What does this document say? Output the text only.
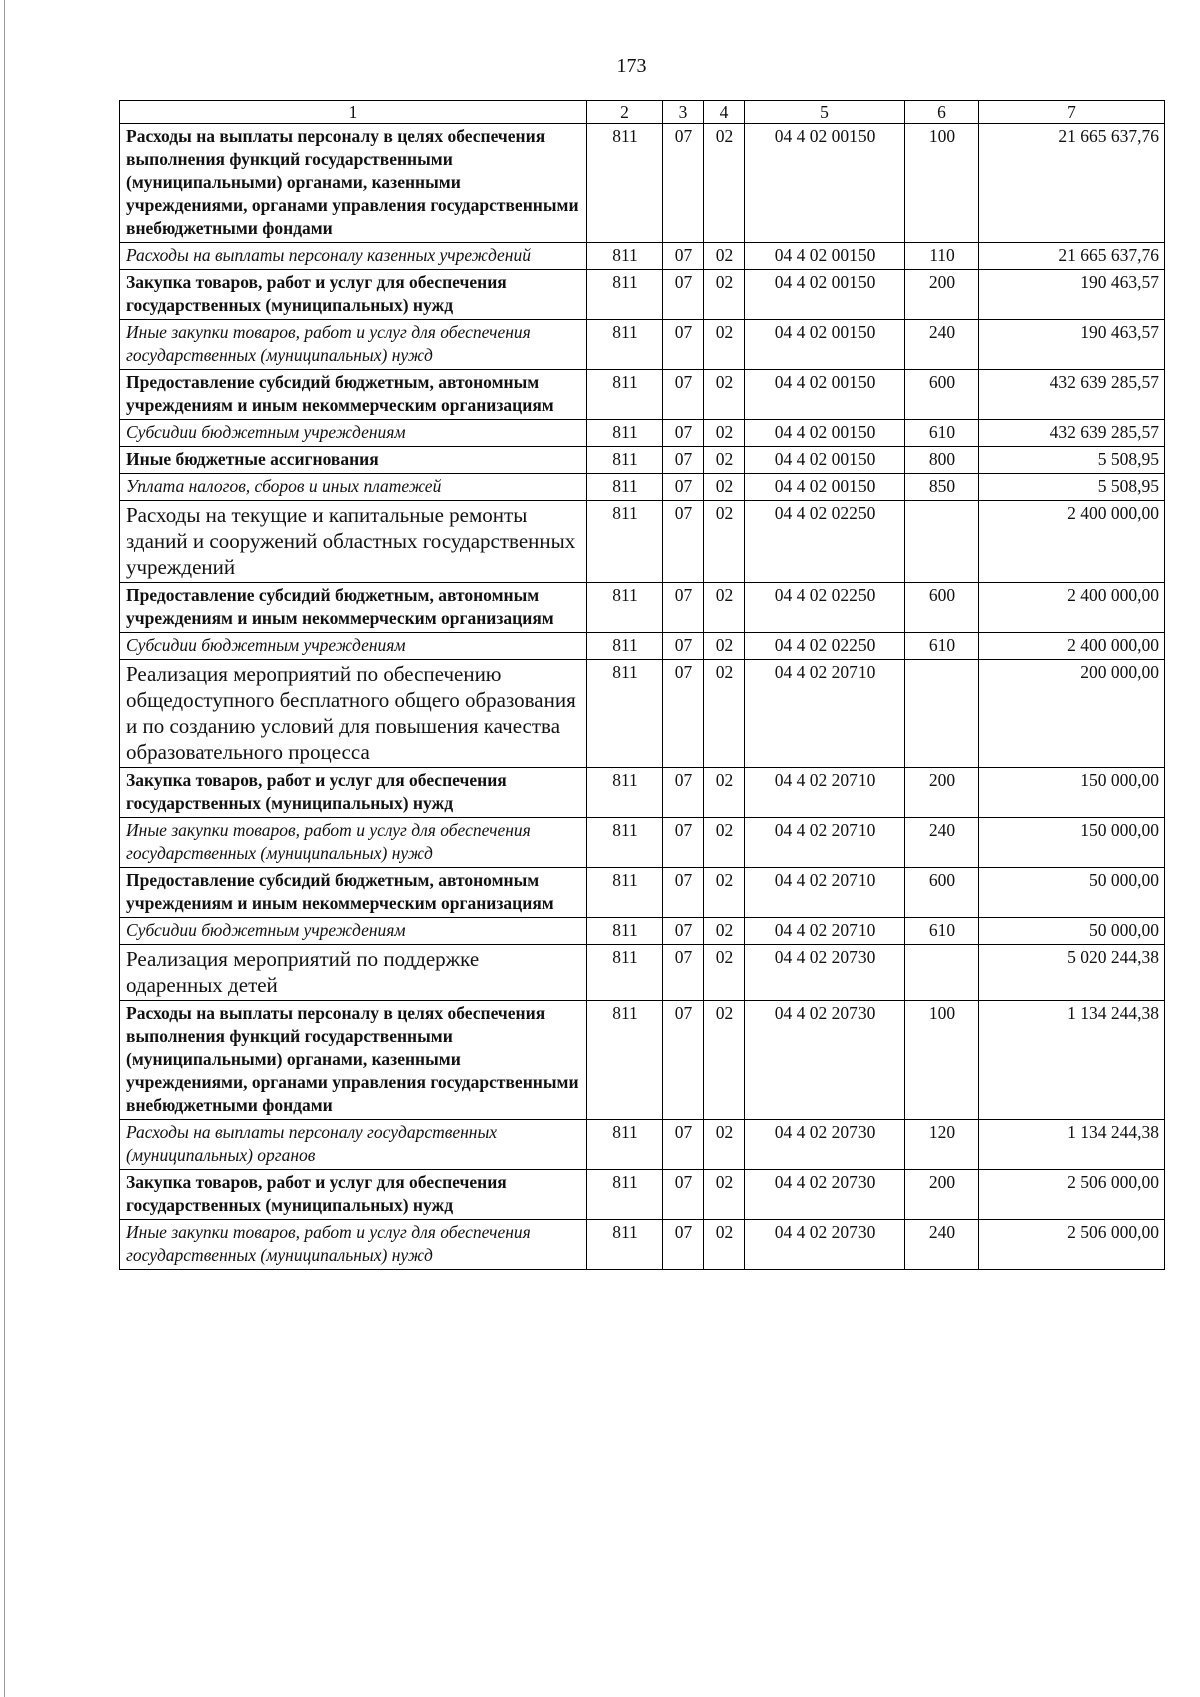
173
1	2	3	4	5	6	7
Расходы на выплаты персоналу в целях обеспечения выполнения функций государственными (муниципальными) органами, казенными учреждениями, органами управления государственными внебюджетными фондами	811	07	02	04 4 02 00150	100	21 665 637,76
Расходы на выплаты персоналу казенных учреждений	811	07	02	04 4 02 00150	110	21 665 637,76
Закупка товаров, работ и услуг для обеспечения государственных (муниципальных) нужд	811	07	02	04 4 02 00150	200	190 463,57
Иные закупки товаров, работ и услуг для обеспечения государственных (муниципальных) нужд	811	07	02	04 4 02 00150	240	190 463,57
Предоставление субсидий бюджетным, автономным учреждениям и иным некоммерческим организациям	811	07	02	04 4 02 00150	600	432 639 285,57
Субсидии бюджетным учреждениям	811	07	02	04 4 02 00150	610	432 639 285,57
Иные бюджетные ассигнования	811	07	02	04 4 02 00150	800	5 508,95
Уплата налогов, сборов и иных платежей	811	07	02	04 4 02 00150	850	5 508,95
Расходы на текущие и капитальные ремонты зданий и сооружений областных государственных учреждений	811	07	02	04 4 02 02250		2 400 000,00
Предоставление субсидий бюджетным, автономным учреждениям и иным некоммерческим организациям	811	07	02	04 4 02 02250	600	2 400 000,00
Субсидии бюджетным учреждениям	811	07	02	04 4 02 02250	610	2 400 000,00
Реализация мероприятий по обеспечению общедоступного бесплатного общего образования и по созданию условий для повышения качества образовательного процесса	811	07	02	04 4 02 20710		200 000,00
Закупка товаров, работ и услуг для обеспечения государственных (муниципальных) нужд	811	07	02	04 4 02 20710	200	150 000,00
Иные закупки товаров, работ и услуг для обеспечения государственных (муниципальных) нужд	811	07	02	04 4 02 20710	240	150 000,00
Предоставление субсидий бюджетным, автономным учреждениям и иным некоммерческим организациям	811	07	02	04 4 02 20710	600	50 000,00
Субсидии бюджетным учреждениям	811	07	02	04 4 02 20710	610	50 000,00
Реализация мероприятий по поддержке одаренных детей	811	07	02	04 4 02 20730		5 020 244,38
Расходы на выплаты персоналу в целях обеспечения выполнения функций государственными (муниципальными) органами, казенными учреждениями, органами управления государственными внебюджетными фондами	811	07	02	04 4 02 20730	100	1 134 244,38
Расходы на выплаты персоналу государственных (муниципальных) органов	811	07	02	04 4 02 20730	120	1 134 244,38
Закупка товаров, работ и услуг для обеспечения государственных (муниципальных) нужд	811	07	02	04 4 02 20730	200	2 506 000,00
Иные закупки товаров, работ и услуг для обеспечения государственных (муниципальных) нужд	811	07	02	04 4 02 20730	240	2 506 000,00
